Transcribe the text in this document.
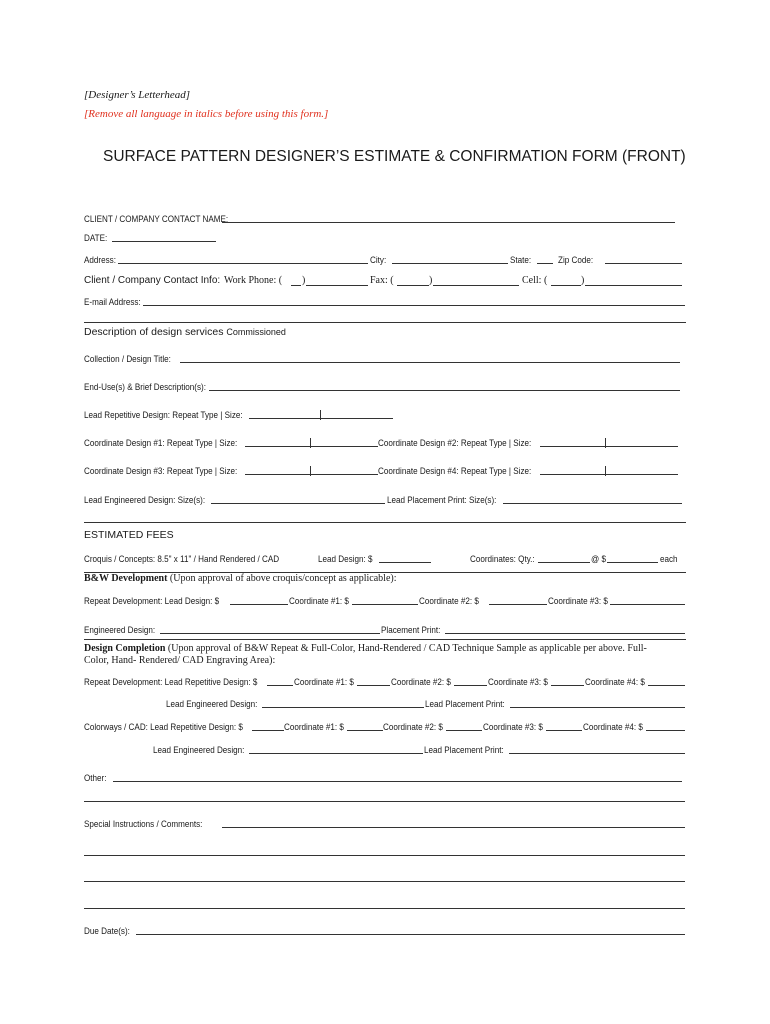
[Designer’s Letterhead]
[Remove all language in italics before using this form.]
SURFACE PATTERN DESIGNER’S ESTIMATE & CONFIRMATION FORM (FRONT)
CLIENT / COMPANY CONTACT NAME:
DATE:
Address:	City:	State:	Zip Code:
Client / Company Contact Info: Work Phone: ( )	Fax: (	)	Cell: (	)
E-mail Address:
Description of design services Commissioned
Collection / Design Title:
End-Use(s) & Brief Description(s):
Lead Repetitive Design: Repeat Type | Size:
Coordinate Design #1: Repeat Type | Size:	Coordinate Design #2: Repeat Type | Size:
Coordinate Design #3: Repeat Type | Size:	Coordinate Design #4: Repeat Type | Size:
Lead Engineered Design: Size(s):	Lead Placement Print: Size(s):
ESTIMATED FEES
Croquis / Concepts: 8.5" x 11" / Hand Rendered / CAD	Lead Design: $	Coordinates: Qty.:	@ $	each
B&W Development (Upon approval of above croquis/concept as applicable):
Repeat Development: Lead Design: $	Coordinate #1: $	Coordinate #2: $	Coordinate #3: $
Engineered Design:	Placement Print:
Design Completion (Upon approval of B&W Repeat & Full-Color, Hand-Rendered / CAD Technique Sample as applicable per above. Full-
Color, Hand- Rendered/ CAD Engraving Area):
Repeat Development: Lead Repetitive Design: $	Coordinate #1: $	Coordinate #2: $	Coordinate #3: $	Coordinate #4: $
Lead Engineered Design:	Lead Placement Print:
Colorways / CAD: Lead Repetitive Design: $	Coordinate #1: $	Coordinate #2: $	Coordinate #3: $	Coordinate #4: $
Lead Engineered Design:	Lead Placement Print:
Other:
Special Instructions / Comments:
Due Date(s):
